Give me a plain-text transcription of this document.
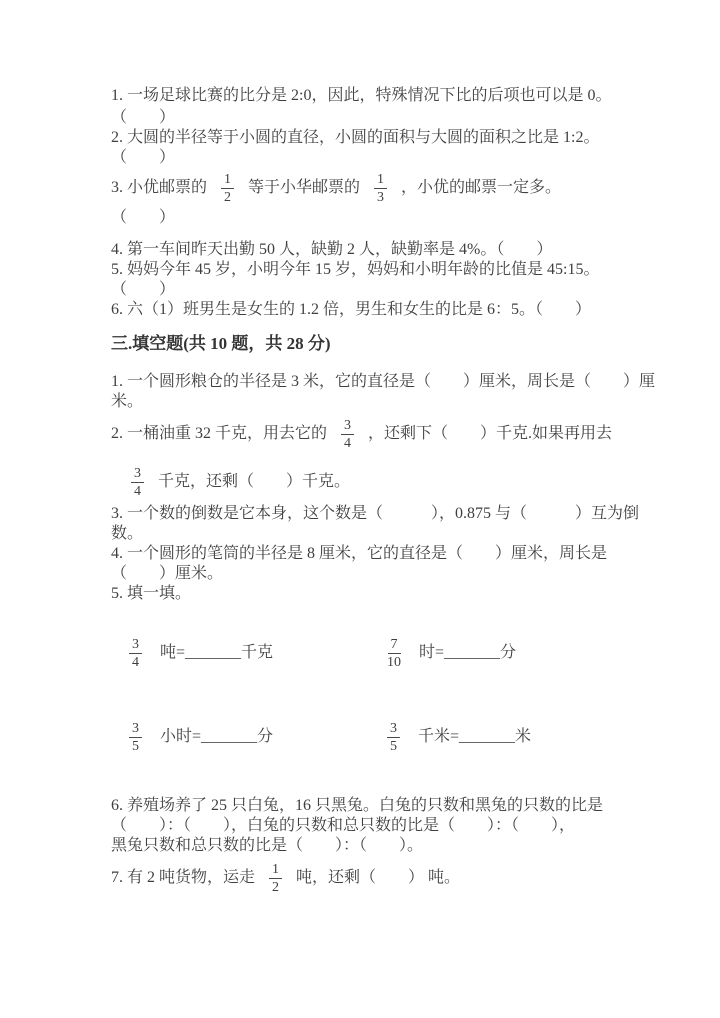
1. 一场足球比赛的比分是 2:0，因此，特殊情况下比的后项也可以是 0。

（　　）

2. 大圆的半径等于小圆的直径，小圆的面积与大圆的面积之比是 1:2。

（　　）

3. 小优邮票的 $\frac{1}{2}$ 等于小华邮票的 $\frac{1}{3}$ ，小优的邮票一定多。

（　　）

4. 第一车间昨天出勤 50 人，缺勤 2 人，缺勤率是 4%。（　　）

5. 妈妈今年 45 岁，小明今年 15 岁，妈妈和小明年龄的比值是 45:15。

（　　）

6. 六（1）班男生是女生的 1.2 倍，男生和女生的比是 6：5。（　　）

三.填空题(共 10 题，共 28 分)

1. 一个圆形粮仓的半径是 3 米，它的直径是（　　）厘米，周长是（　　）厘

米。

2. 一桶油重 32 千克，用去它的 $\frac{3}{4}$ ，还剩下（　　）千克.如果再用去
$\frac{3}{4}$ 千克，还剩（　　）千克。

3. 一个数的倒数是它本身，这个数是（　　　），0.875 与（　　　）互为倒

数。

4. 一个圆形的笔筒的半径是 8 厘米，它的直径是（　　）厘米，周长是

（　　）厘米。

5. 填一填。

$\frac{3}{4}$ 吨=_______千克	$\frac{7}{10}$ 时=_______分
$\frac{3}{5}$ 小时=_______分	$\frac{3}{5}$ 千米=_______米

6. 养殖场养了 25 只白兔，16 只黑兔。白兔的只数和黑兔的只数的比是

（　　）：（　　），白兔的只数和总只数的比是（　　）：（　　），

黑兔只数和总只数的比是（　　）：（　　）。

7. 有 2 吨货物，运走 $\frac{1}{2}$ 吨，还剩（　　） 吨。
